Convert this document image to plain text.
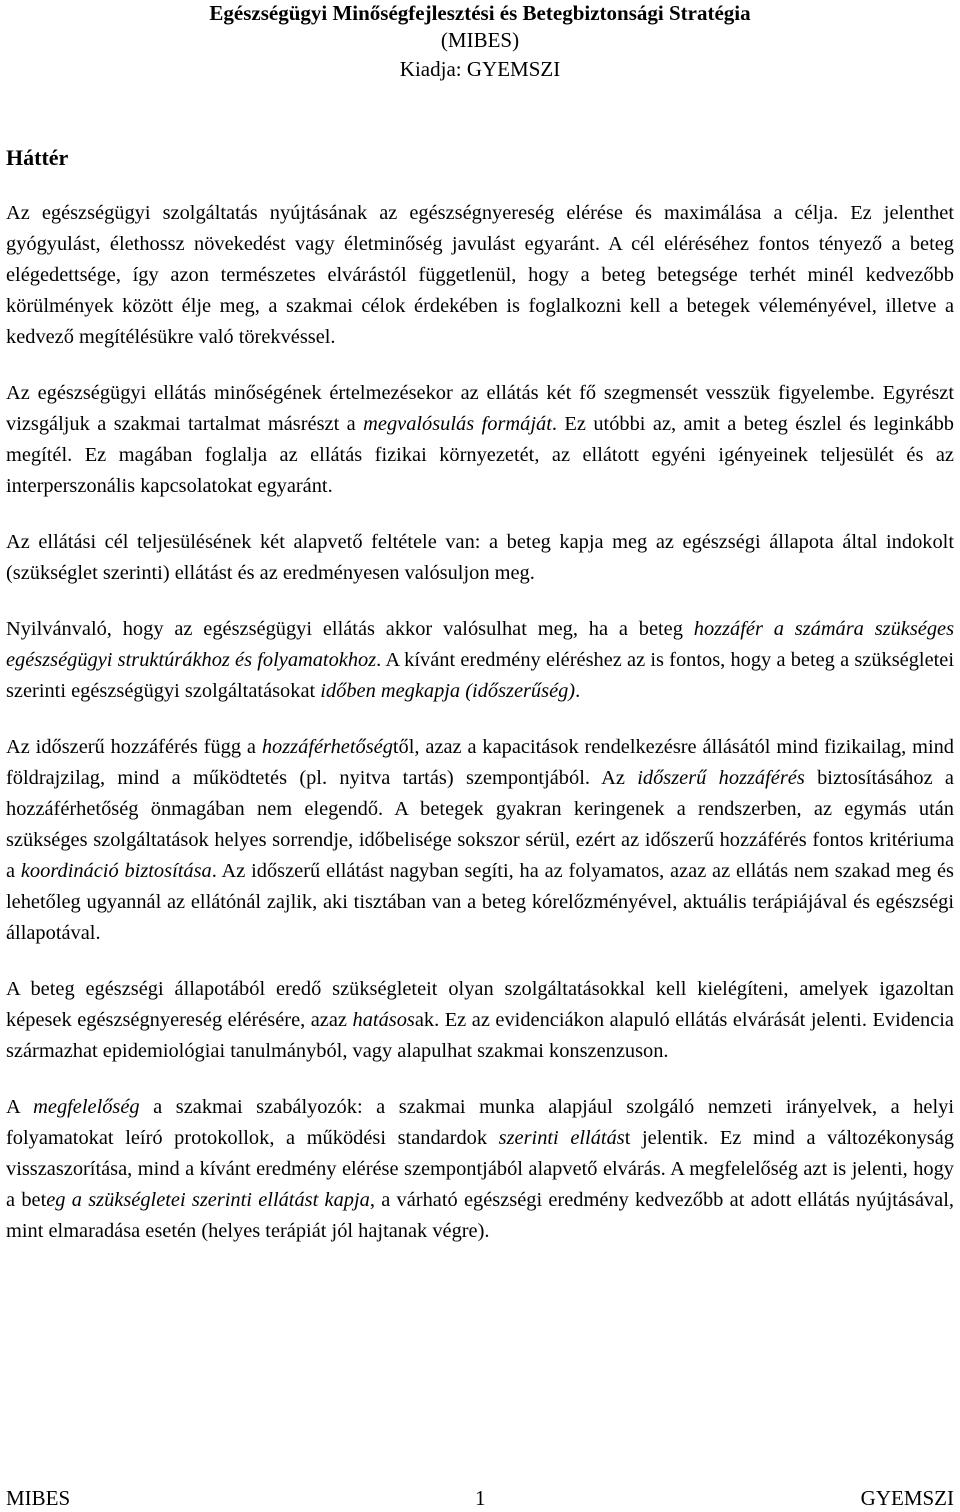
Egészségügyi Minőségfejlesztési és Betegbiztonsági Stratégia
(MIBES)
Kiadja: GYEMSZI
Háttér

Az egészségügyi szolgáltatás nyújtásának az egészségnyereség elérése és maximálása a célja. Ez jelenthet gyógyulást, élethossz növekedést vagy életminőség javulást egyaránt. A cél eléréséhez fontos tényező a beteg elégedettsége, így azon természetes elvárástól függetlenül, hogy a beteg betegsége terhét minél kedvezőbb körülmények között élje meg, a szakmai célok érdekében is foglalkozni kell a betegek véleményével, illetve a kedvező megítélésükre való törekvéssel.

Az egészségügyi ellátás minőségének értelmezésekor az ellátás két fő szegmensét vesszük figyelembe. Egyrészt vizsgáljuk a szakmai tartalmat másrészt a megvalósulás formáját. Ez utóbbi az, amit a beteg észlel és leginkább megítél. Ez magában foglalja az ellátás fizikai környezetét, az ellátott egyéni igényeinek teljesülét és az interperszonális kapcsolatokat egyaránt.

Az ellátási cél teljesülésének két alapvető feltétele van: a beteg kapja meg az egészségi állapota által indokolt (szükséglet szerinti) ellátást és az eredményesen valósuljon meg.

Nyilvánvaló, hogy az egészségügyi ellátás akkor valósulhat meg, ha a beteg hozzáfér a számára szükséges egészségügyi struktúrákhoz és folyamatokhoz. A kívánt eredmény eléréshez az is fontos, hogy a beteg a szükségletei szerinti egészségügyi szolgáltatásokat időben megkapja (időszerűség).

Az időszerű hozzáférés függ a hozzáférhetőségtől, azaz a kapacitások rendelkezésre állásától mind fizikailag, mind földrajzilag, mind a működtetés (pl. nyitva tartás) szempontjából. Az időszerű hozzáférés biztosításához a hozzáférhetőség önmagában nem elegendő. A betegek gyakran keringenek a rendszerben, az egymás után szükséges szolgáltatások helyes sorrendje, időbelisége sokszor sérül, ezért az időszerű hozzáférés fontos kritériuma a koordináció biztosítása. Az időszerű ellátást nagyban segíti, ha az folyamatos, azaz az ellátás nem szakad meg és lehetőleg ugyannál az ellátónál zajlik, aki tisztában van a beteg kórelőzményével, aktuális terápiájával és egészségi állapotával.

A beteg egészségi állapotából eredő szükségleteit olyan szolgáltatásokkal kell kielégíteni, amelyek igazoltan képesek egészségnyereség elérésére, azaz hatásosak. Ez az evidenciákon alapuló ellátás elvárását jelenti. Evidencia származhat epidemiológiai tanulmányból, vagy alapulhat szakmai konszenzuson.

A megfelelőség a szakmai szabályozók: a szakmai munka alapjául szolgáló nemzeti irányelvek, a helyi folyamatokat leíró protokollok, a működési standardok szerinti ellátást jelentik. Ez mind a változékonyság visszaszorítása, mind a kívánt eredmény elérése szempontjából alapvető elvárás. A megfelelőség azt is jelenti, hogy a beteg a szükségletei szerinti ellátást kapja, a várható egészségi eredmény kedvezőbb at adott ellátás nyújtásával, mint elmaradása esetén (helyes terápiát jól hajtanak végre).

MIBES	1	GYEMSZI
